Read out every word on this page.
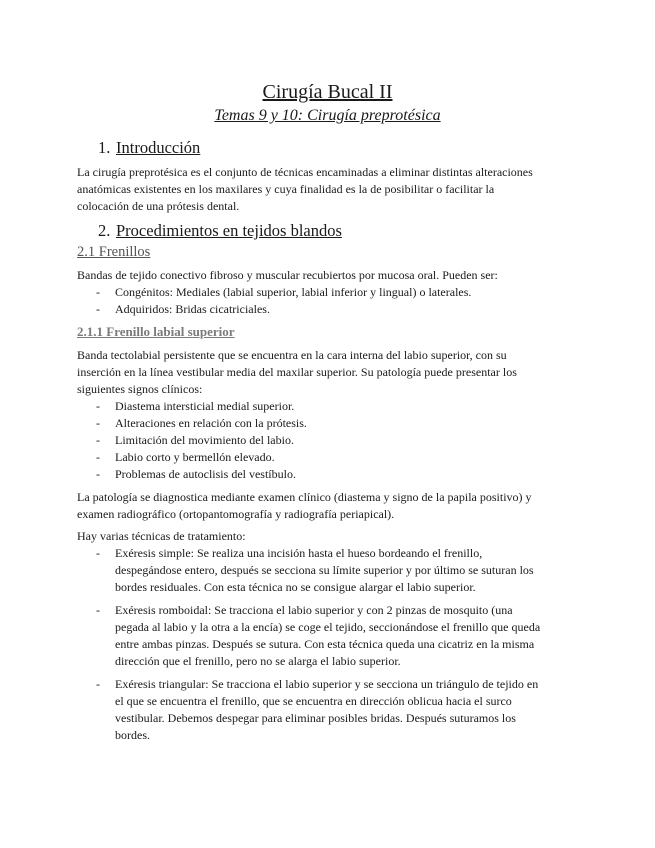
Cirugía Bucal II
Temas 9 y 10: Cirugía preprotésica
1. Introducción
La cirugía preprotésica es el conjunto de técnicas encaminadas a eliminar distintas alteraciones
anatómicas existentes en los maxilares y cuya finalidad es la de posibilitar o facilitar la
colocación de una prótesis dental.
2. Procedimientos en tejidos blandos
2.1 Frenillos
Bandas de tejido conectivo fibroso y muscular recubiertos por mucosa oral. Pueden ser:
- Congénitos: Mediales (labial superior, labial inferior y lingual) o laterales.
- Adquiridos: Bridas cicatriciales.
2.1.1 Frenillo labial superior
Banda tectolabial persistente que se encuentra en la cara interna del labio superior, con su
inserción en la línea vestibular media del maxilar superior. Su patología puede presentar los
siguientes signos clínicos:
- Diastema intersticial medial superior.
- Alteraciones en relación con la prótesis.
- Limitación del movimiento del labio.
- Labio corto y bermellón elevado.
- Problemas de autoclisis del vestíbulo.
La patología se diagnostica mediante examen clínico (diastema y signo de la papila positivo) y
examen radiográfico (ortopantomografía y radiografía periapical).
Hay varias técnicas de tratamiento:
- Exéresis simple: Se realiza una incisión hasta el hueso bordeando el frenillo,
despegándose entero, después se secciona su límite superior y por último se suturan los
bordes residuales. Con esta técnica no se consigue alargar el labio superior.
- Exéresis romboidal: Se tracciona el labio superior y con 2 pinzas de mosquito (una
pegada al labio y la otra a la encía) se coge el tejido, seccionándose el frenillo que queda
entre ambas pinzas. Después se sutura. Con esta técnica queda una cicatriz en la misma
dirección que el frenillo, pero no se alarga el labio superior.
- Exéresis triangular: Se tracciona el labio superior y se secciona un triángulo de tejido en
el que se encuentra el frenillo, que se encuentra en dirección oblicua hacia el surco
vestibular. Debemos despegar para eliminar posibles bridas. Después suturamos los
bordes.
